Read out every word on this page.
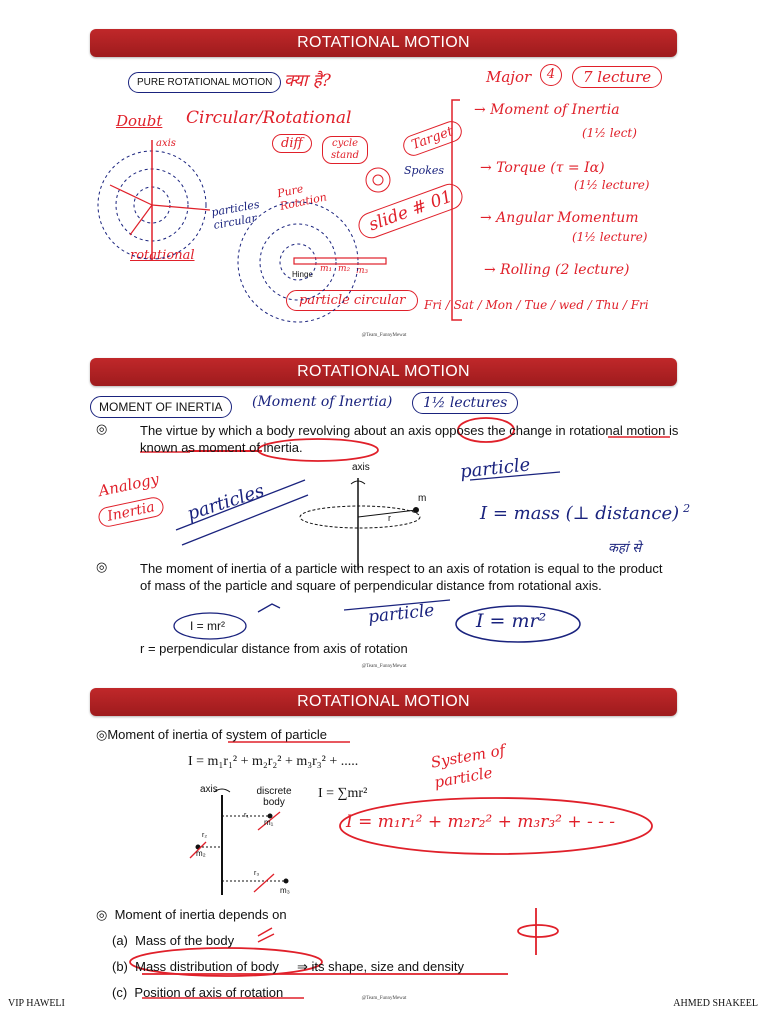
ROTATIONAL MOTION
PURE ROTATIONAL MOTION क्या है?
Doubt Circular/Rotational
axis	diff	cycle stand
Target
Spokes
Pure Rotation
particles circular	slide # 01
rotational
Hinge
m₁ m₂ m₃
particle circular
Major	4	7 lecture
→ Moment of Inertia
(1½ lect)
→ Torque (τ = Iα)
(1½ lecture)
→ Angular Momentum
(1½ lecture)
→ Rolling (2 lecture)
Fri / Sat / Mon / Tue / wed / Thu / Fri
@Team_FunnyMewat
ROTATIONAL MOTION
MOMENT OF INERTIA	(Moment of Inertia)	1½ lectures
◎	The virtue by which a body revolving about an axis opposes the change in rotational motion is known as moment of inertia.
Analogy
Inertia	particles
axis
m
r
particle
I = mass (⊥ distance) $^2$
कहां से
◎	The moment of inertia of a particle with respect to an axis of rotation is equal to the product of mass of the particle and square of perpendicular distance from rotational axis.
I = mr²	particle I = mr²
r = perpendicular distance from axis of rotation
@Team_FunnyMewat
ROTATIONAL MOTION
◎Moment of inertia of system of particle
I = m₁r₁² + m₂r₂² + m₃r₃² + .....
I = ∑mr²
axis	discrete body
r₁
m₁
r₂
m₂
r₃
m₃
System of particle
I = m₁r₁² + m₂r₂² + m₃r₃² + - - -
◎ Moment of inertia depends on
(a) Mass of the body
(b) Mass distribution of body ⇒ its shape, size and density
(c) Position of axis of rotation	@Team_FunnyMewat
VIP HAWELI	AHMED SHAKEEL
